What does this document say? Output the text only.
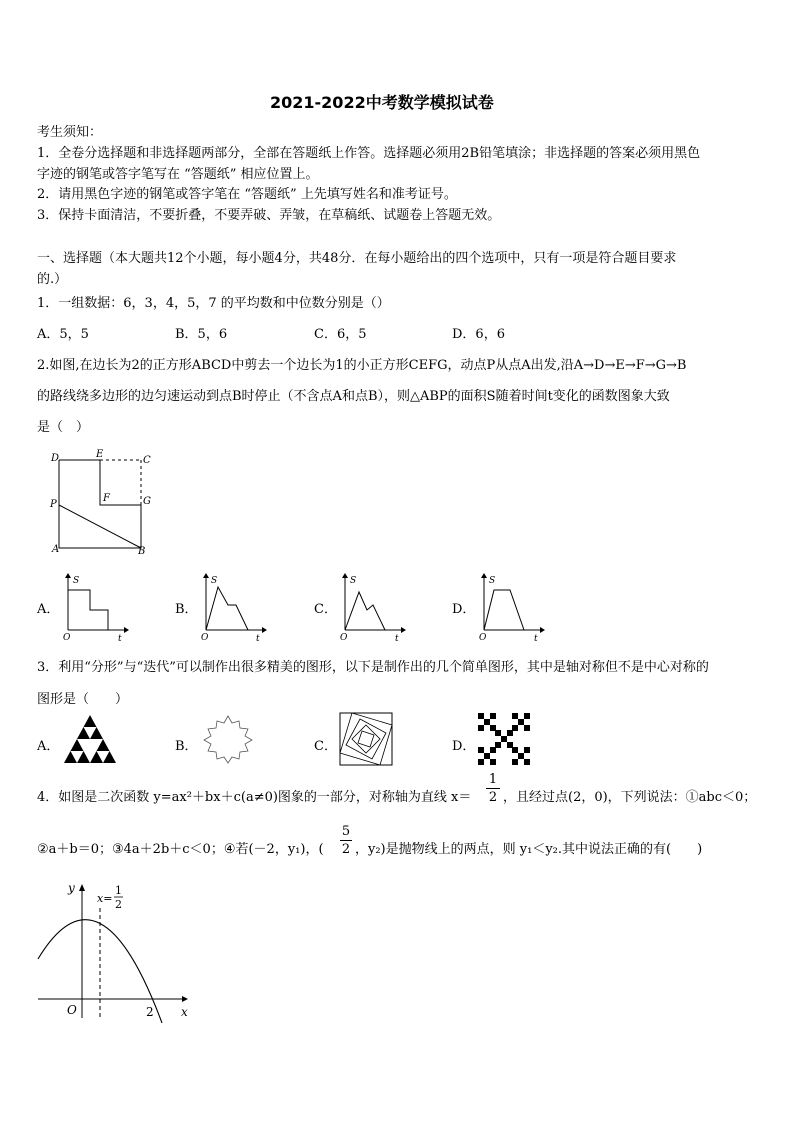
2021-2022中考数学模拟试卷
考生须知：
1．全卷分选择题和非选择题两部分，全部在答题纸上作答。选择题必须用2B铅笔填涂；非选择题的答案必须用黑色
字迹的钢笔或答字笔写在 “答题纸” 相应位置上。
2．请用黑色字迹的钢笔或答字笔在 “答题纸” 上先填写姓名和准考证号。
3．保持卡面清洁，不要折叠，不要弄破、弄皱，在草稿纸、试题卷上答题无效。
一、选择题（本大题共12个小题，每小题4分，共48分．在每小题给出的四个选项中，只有一项是符合题目要求
的.）
1．一组数据：6，3，4，5，7 的平均数和中位数分别是（）
A．5，5	B．5，6	C．6，5	D．6，6
2.如图,在边长为2的正方形ABCD中剪去一个边长为1的小正方形CEFG，动点P从点A出发,沿A→D→E→F→G→B
的路线绕多边形的边匀速运动到点B时停止（不含点A和点B），则△ABP的面积S随着时间t变化的函数图象大致
是（　）
D	E
C
P
F	G
A	B
A．	B．	C．	D．
S
O	t
S
O	t
S
O	t
S
O	t
3．利用“分形”与“迭代”可以制作出很多精美的图形，以下是制作出的几个简单图形，其中是轴对称但不是中心对称的
图形是（　　）
A．	B．	C．	D．
4．如图是二次函数 y=ax²＋bx＋c(a≠0)图象的一部分，对称轴为直线 x＝
1
2 ，且经过点(2，0)，下列说法：①abc＜0；
②a＋b＝0；③4a＋2b＋c＜0；④若(－2，y₁)，(
5
2 ，y₂)是抛物线上的两点，则 y₁＜y₂.其中说法正确的有(　　)
y
x=
1
2
O	2 x
